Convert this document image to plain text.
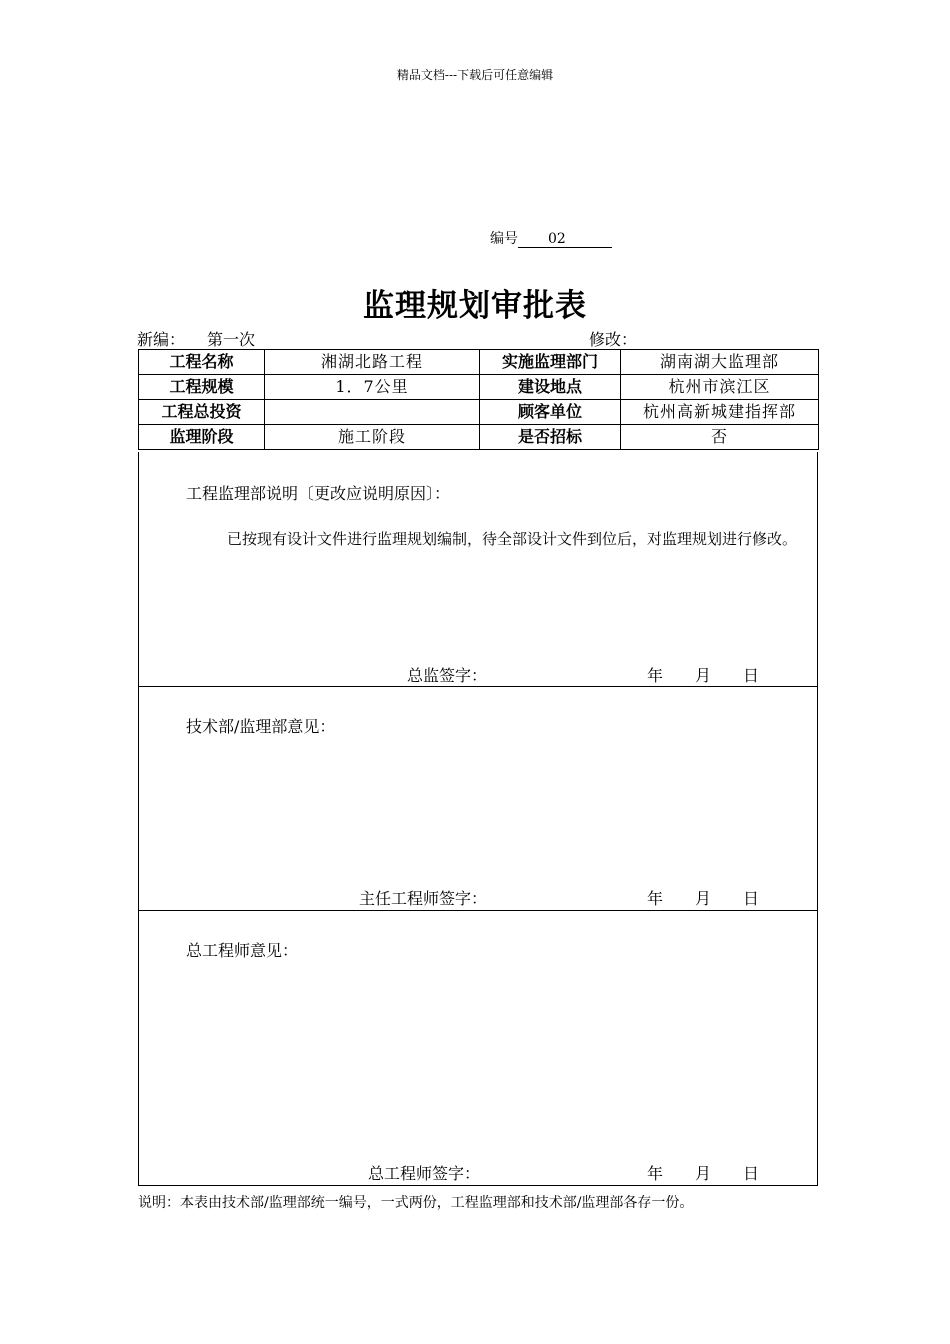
精品文档---下载后可任意编辑
编号 02
监理规划审批表
新编： 第一次	修改：
工程名称	湘湖北路工程	实施监理部门	湖南湖大监理部
工程规模	1．7公里	建设地点	杭州市滨江区
工程总投资		顾客单位	杭州高新城建指挥部
监理阶段	施工阶段	是否招标	否
工程监理部说明〔更改应说明原因〕：
已按现有设计文件进行监理规划编制，待全部设计文件到位后，对监理规划进行修改。
总监签字：	年 月 日
技术部/监理部意见：
主任工程师签字：	年 月 日
总工程师意见：
总工程师签字：	年 月 日
说明：本表由技术部/监理部统一编号，一式两份，工程监理部和技术部/监理部各存一份。
